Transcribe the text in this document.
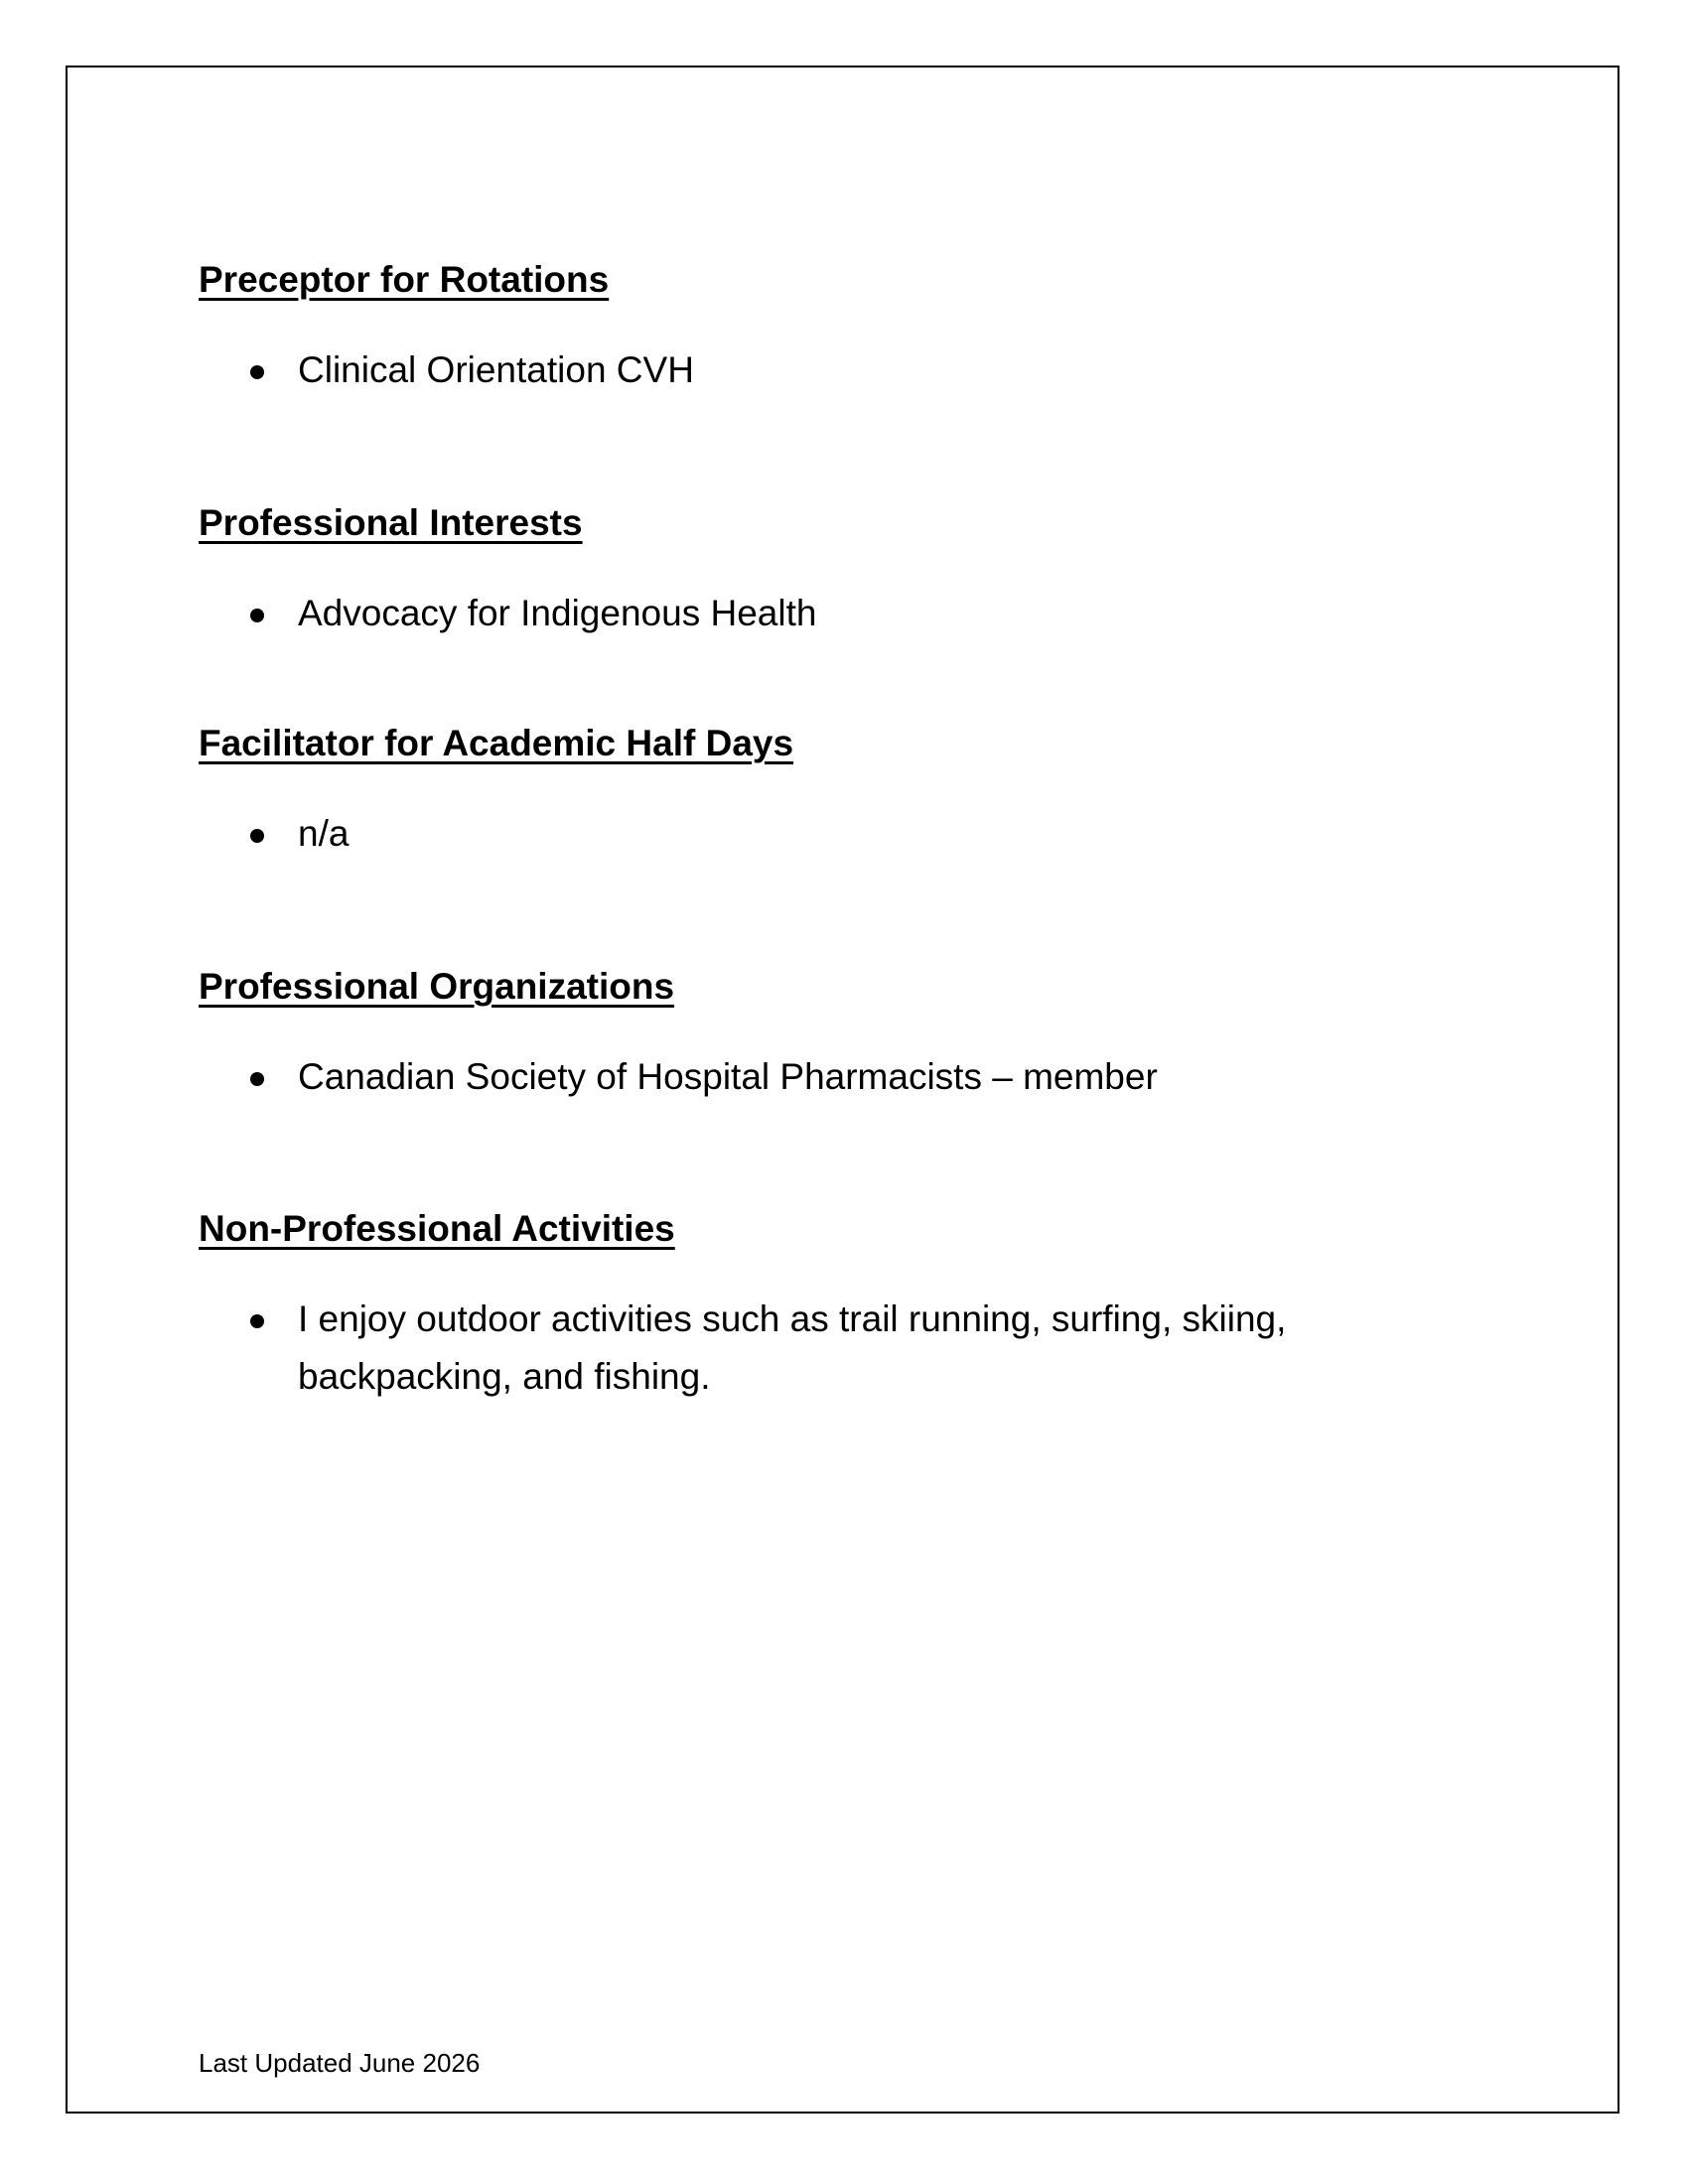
Preceptor for Rotations
Clinical Orientation CVH
Professional Interests
Advocacy for Indigenous Health
Facilitator for Academic Half Days
n/a
Professional Organizations
Canadian Society of Hospital Pharmacists – member
Non-Professional Activities
I enjoy outdoor activities such as trail running, surfing, skiing, backpacking, and fishing.
Last Updated June 2026
